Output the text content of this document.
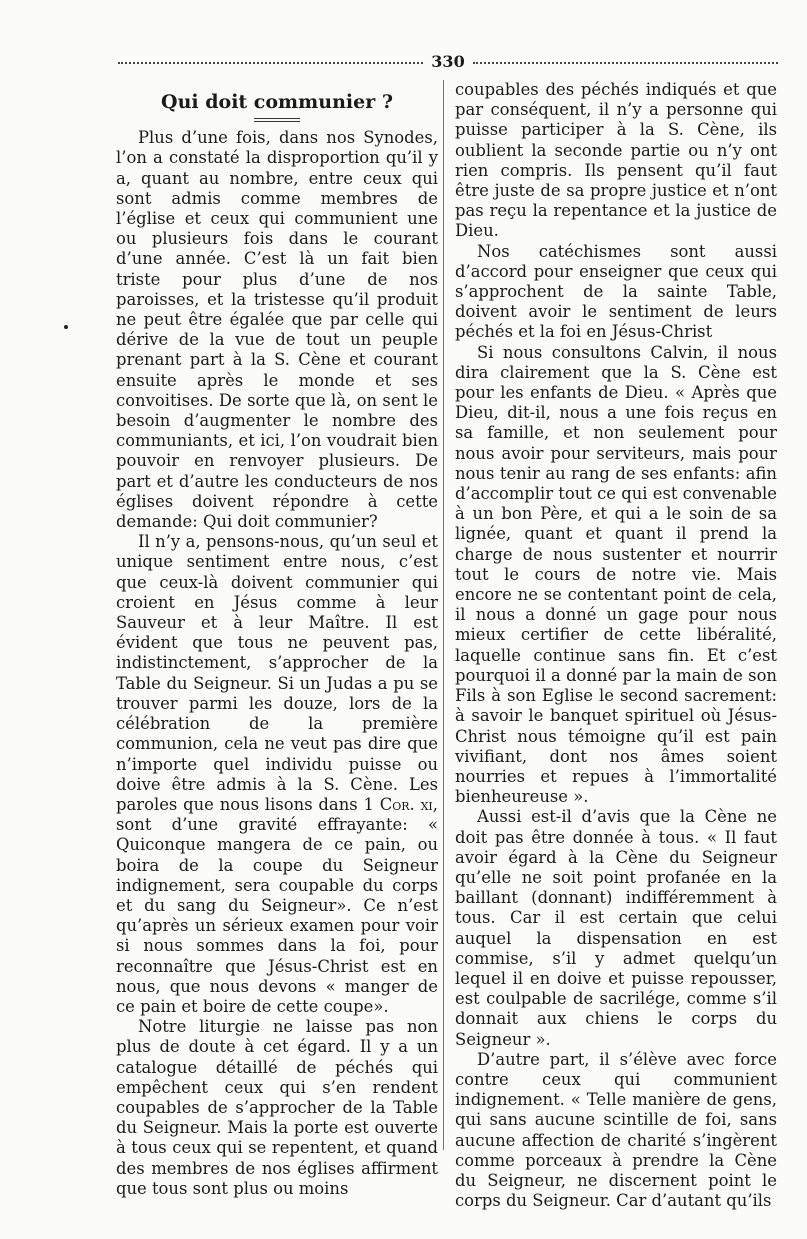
330
Qui doit communier ?

Plus d’une fois, dans nos Synodes, l’on a constaté la disproportion qu’il y a, quant au nombre, entre ceux qui sont admis comme membres de l’église et ceux qui communient une ou plusieurs fois dans le courant d’une année. C’est là un fait bien triste pour plus d’une de nos paroisses, et la tristesse qu’il produit ne peut être égalée que par celle qui dérive de la vue de tout un peuple prenant part à la S. Cène et courant ensuite après le monde et ses convoitises. De sorte que là, on sent le besoin d’augmenter le nombre des communiants, et ici, l’on voudrait bien pouvoir en renvoyer plusieurs. De part et d’autre les conducteurs de nos églises doivent répondre à cette demande: Qui doit communier?

Il n’y a, pensons-nous, qu’un seul et unique sentiment entre nous, c’est que ceux-là doivent communier qui croient en Jésus comme à leur Sauveur et à leur Maître. Il est évident que tous ne peuvent pas, indistinctement, s’approcher de la Table du Seigneur. Si un Judas a pu se trouver parmi les douze, lors de la célébration de la première communion, cela ne veut pas dire que n’importe quel individu puisse ou doive être admis à la S. Cène. Les paroles que nous lisons dans 1 Cor. xi, sont d’une gravité effrayante: « Quiconque mangera de ce pain, ou boira de la coupe du Seigneur indignement, sera coupable du corps et du sang du Seigneur». Ce n’est qu’après un sérieux examen pour voir si nous sommes dans la foi, pour reconnaître que Jésus-Christ est en nous, que nous devons « manger de ce pain et boire de cette coupe».

Notre liturgie ne laisse pas non plus de doute à cet égard. Il y a un catalogue détaillé de péchés qui empêchent ceux qui s’en rendent coupables de s’approcher de la Table du Seigneur. Mais la porte est ouverte à tous ceux qui se repentent, et quand des membres de nos églises affirment que tous sont plus ou moins

coupables des péchés indiqués et que par conséquent, il n’y a personne qui puisse participer à la S. Cène, ils oublient la seconde partie ou n’y ont rien compris. Ils pensent qu’il faut être juste de sa propre justice et n’ont pas reçu la repentance et la justice de Dieu.

Nos catéchismes sont aussi d’accord pour enseigner que ceux qui s’approchent de la sainte Table, doivent avoir le sentiment de leurs péchés et la foi en Jésus-Christ

Si nous consultons Calvin, il nous dira clairement que la S. Cène est pour les enfants de Dieu. « Après que Dieu, dit-il, nous a une fois reçus en sa famille, et non seulement pour nous avoir pour serviteurs, mais pour nous tenir au rang de ses enfants: afin d’accomplir tout ce qui est convenable à un bon Père, et qui a le soin de sa lignée, quant et quant il prend la charge de nous sustenter et nourrir tout le cours de notre vie. Mais encore ne se contentant point de cela, il nous a donné un gage pour nous mieux certifier de cette libéralité, laquelle continue sans fin. Et c’est pourquoi il a donné par la main de son Fils à son Eglise le second sacrement: à savoir le banquet spirituel où Jésus-Christ nous témoigne qu’il est pain vivifiant, dont nos âmes soient nourries et repues à l’immortalité bienheureuse ».

Aussi est-il d’avis que la Cène ne doit pas être donnée à tous. « Il faut avoir égard à la Cène du Seigneur qu’elle ne soit point profanée en la baillant (donnant) indifféremment à tous. Car il est certain que celui auquel la dispensation en est commise, s’il y admet quelqu’un lequel il en doive et puisse repousser, est coulpable de sacrilége, comme s’il donnait aux chiens le corps du Seigneur ».

D’autre part, il s’élève avec force contre ceux qui communient indignement. « Telle manière de gens, qui sans aucune scintille de foi, sans aucune affection de charité s’ingèrent comme porceaux à prendre la Cène du Seigneur, ne discernent point le corps du Seigneur. Car d’autant qu’ils
